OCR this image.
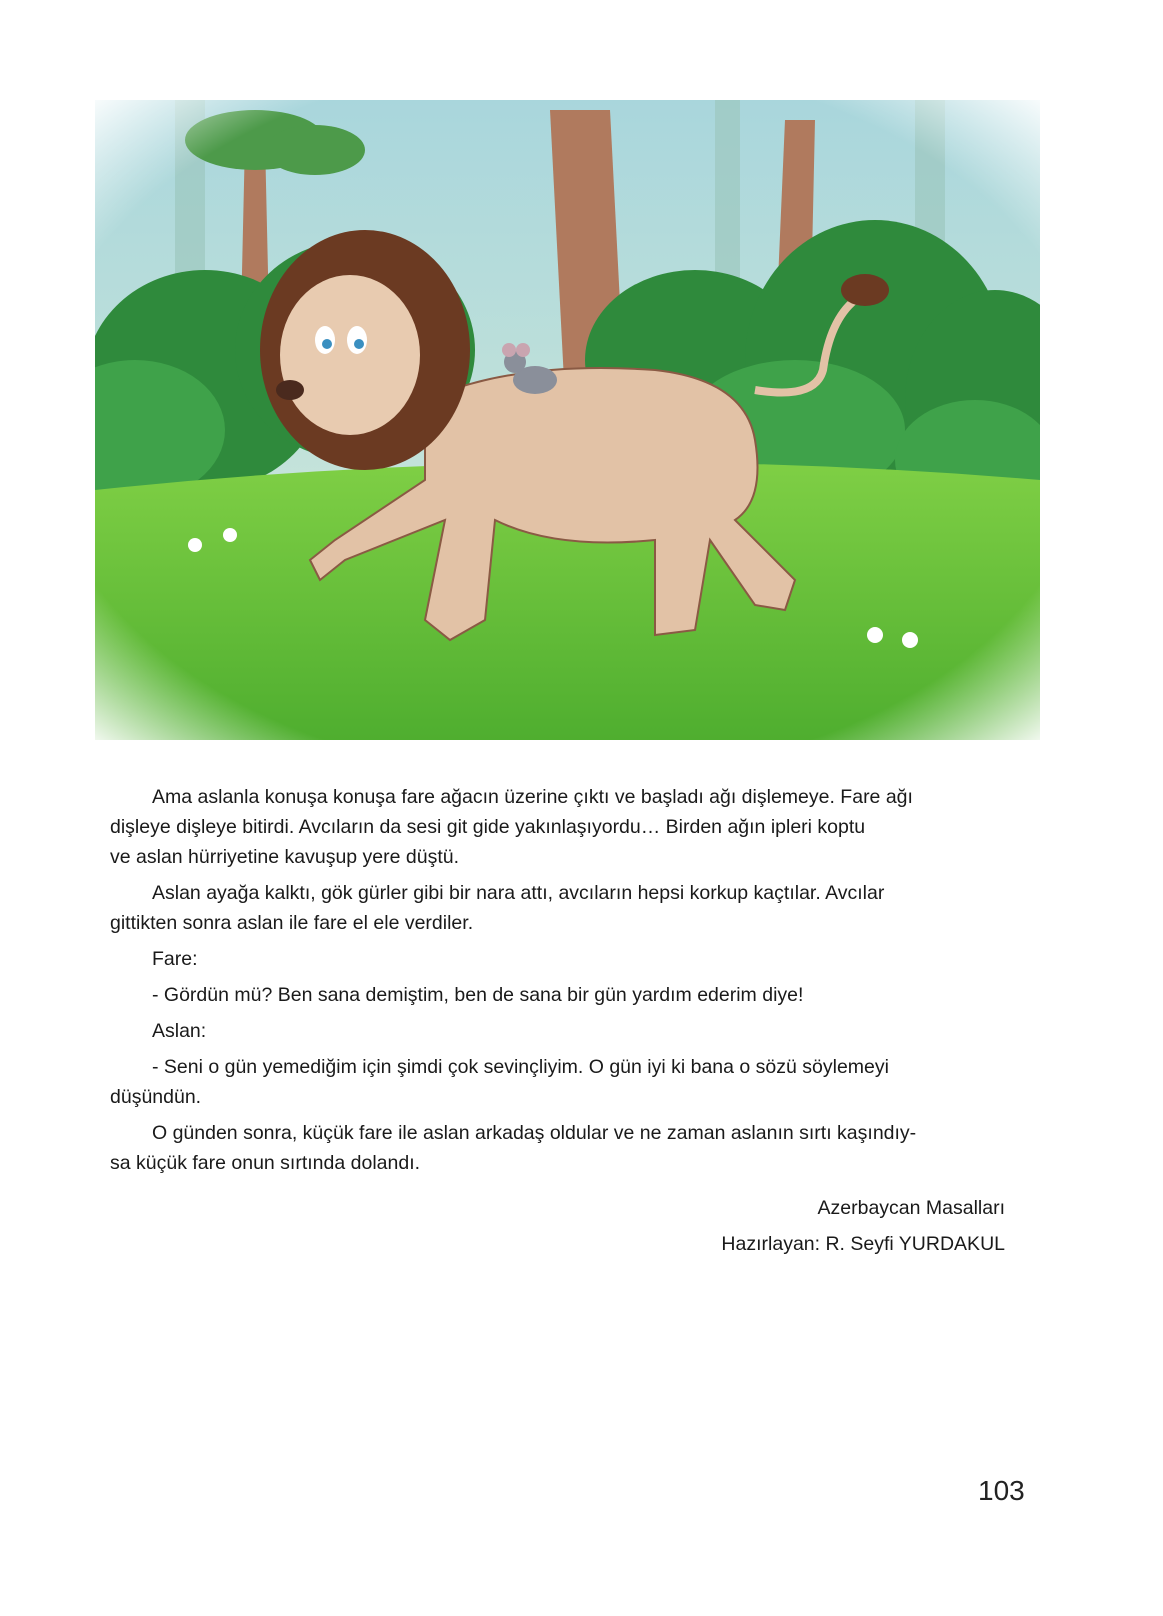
Ama aslanla konuşa konuşa fare ağacın üzerine çıktı ve başladı ağı dişlemeye. Fare ağı
dişleye dişleye bitirdi. Avcıların da sesi git gide yakınlaşıyordu… Birden ağın ipleri koptu
ve aslan hürriyetine kavuşup yere düştü.

Aslan ayağa kalktı, gök gürler gibi bir nara attı, avcıların hepsi korkup kaçtılar. Avcılar
gittikten sonra aslan ile fare el ele verdiler.

Fare:

- Gördün mü? Ben sana demiştim, ben de sana bir gün yardım ederim diye!

Aslan:

- Seni o gün yemediğim için şimdi çok sevinçliyim. O gün iyi ki bana o sözü söylemeyi
düşündün.

O günden sonra, küçük fare ile aslan arkadaş oldular ve ne zaman aslanın sırtı kaşındıy-
sa küçük fare onun sırtında dolandı.

Azerbaycan Masalları
Hazırlayan: R. Seyfi YURDAKUL
103
